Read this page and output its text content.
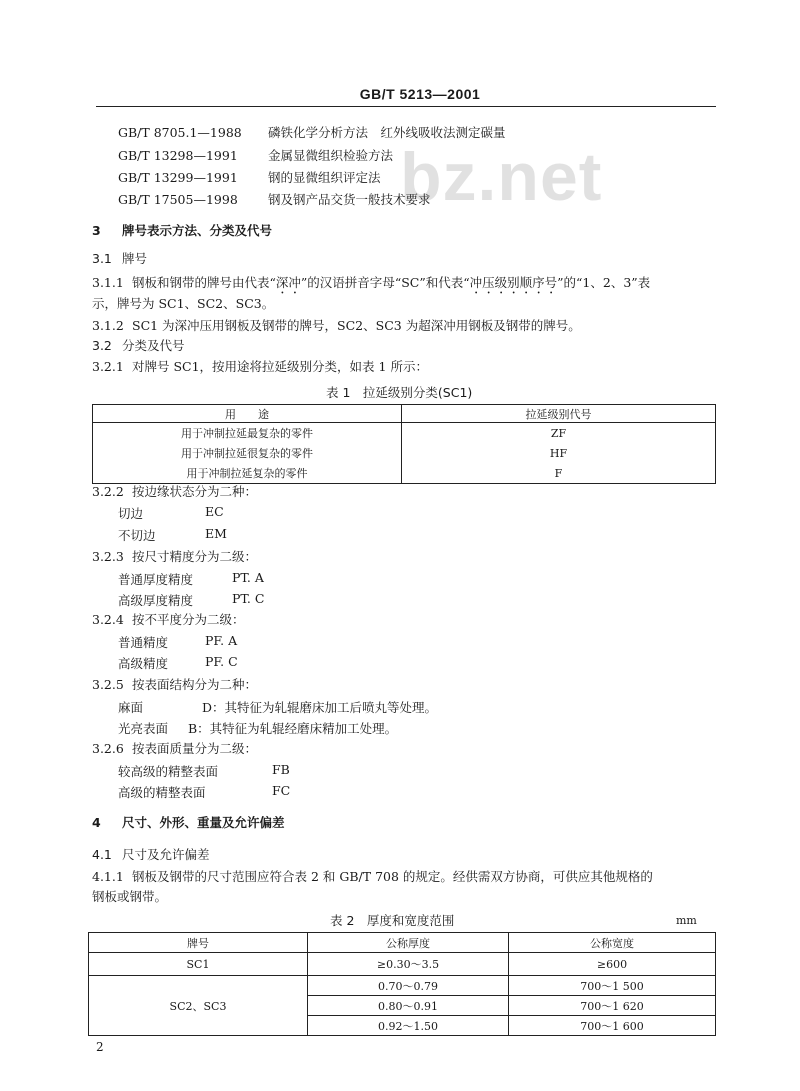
GB/T 5213—2001
bz.net
GB/T 8705.1—1988 磷铁化学分析方法　红外线吸收法测定碳量
GB/T 13298—1991 金属显微组织检验方法
GB/T 13299—1991 钢的显微组织评定法
GB/T 17505—1998 钢及钢产品交货一般技术要求
3 牌号表示方法、分类及代号
3.1 牌号
3.1.1 钢板和钢带的牌号由代表“深冲”的汉语拼音字母“SC”和代表“冲压级别顺序号”的“1、2、3”表
示，牌号为 SC1、SC2、SC3。
3.1.2 SC1 为深冲压用钢板及钢带的牌号，SC2、SC3 为超深冲用钢板及钢带的牌号。
3.2 分类及代号
3.2.1 对牌号 SC1，按用途将拉延级别分类，如表 1 所示：
表 1　拉延级别分类(SC1)
用　　途	拉延级别代号
用于冲制拉延最复杂的零件	ZF
用于冲制拉延很复杂的零件	HF
用于冲制拉延复杂的零件	F
3.2.2 按边缘状态分为二种：
切边	EC
不切边	EM
3.2.3 按尺寸精度分为二级：
普通厚度精度	PT. A
高级厚度精度	PT. C
3.2.4 按不平度分为二级：
普通精度	PF. A
高级精度	PF. C
3.2.5 按表面结构分为二种：
麻面	D：其特征为轧辊磨床加工后喷丸等处理。
光亮表面 B：其特征为轧辊经磨床精加工处理。
3.2.6 按表面质量分为二级：
较高级的精整表面	FB
高级的精整表面	FC
4 尺寸、外形、重量及允许偏差
4.1 尺寸及允许偏差
4.1.1 钢板及钢带的尺寸范围应符合表 2 和 GB/T 708 的规定。经供需双方协商，可供应其他规格的
钢板或钢带。
表 2　厚度和宽度范围	mm
牌号	公称厚度	公称宽度
SC1	≥0.30～3.5	≥600
SC2、SC3	0.70～0.79	700～1 500
	0.80～0.91	700～1 620
	0.92～1.50	700～1 600
2
